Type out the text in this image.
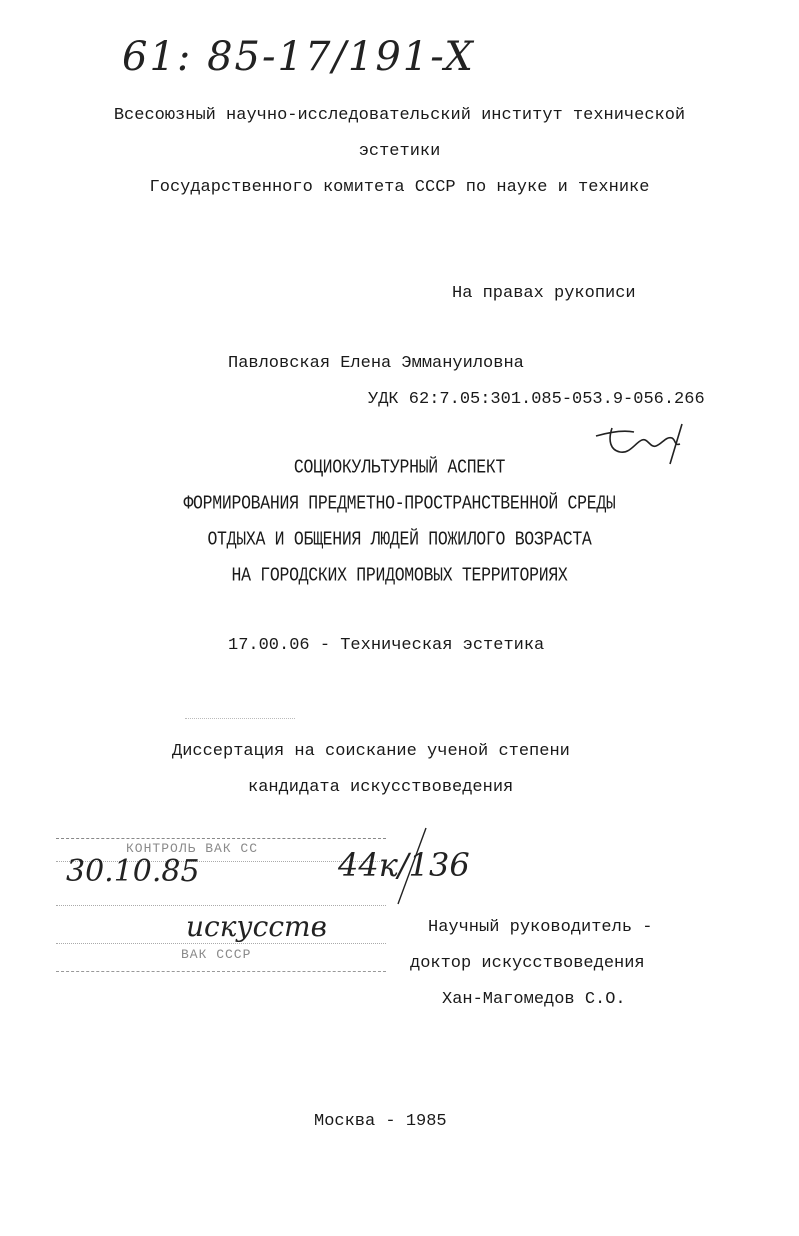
61: 85-17/191-X
Всесоюзный научно-исследовательский институт технической
эстетики
Государственного комитета СССР по науке и технике
На правах рукописи
Павловская Елена Эммануиловна
УДК 62:7.05:301.085-053.9-056.266
СОЦИОКУЛЬТУРНЫЙ АСПЕКТ
ФОРМИРОВАНИЯ ПРЕДМЕТНО-ПРОСТРАНСТВЕННОЙ СРЕДЫ
ОТДЫХА И ОБЩЕНИЯ ЛЮДЕЙ ПОЖИЛОГО ВОЗРАСТА
НА ГОРОДСКИХ ПРИДОМОВЫХ ТЕРРИТОРИЯХ
17.00.06 - Техническая эстетика
Диссертация на соискание ученой степени
кандидата искусствоведения
КОНТРОЛЬ ВАК СС
ВАК СССР
30.10.85	44к/136
искусств	Научный руководитель -
доктор искусствоведения
Хан-Магомедов С.О.
Москва - 1985
